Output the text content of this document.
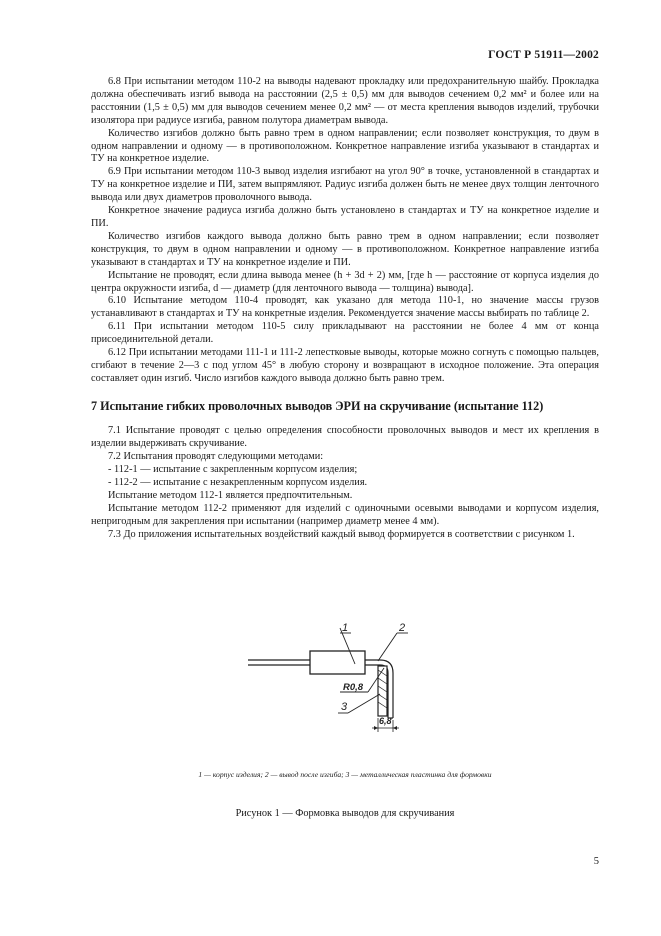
ГОСТ Р 51911—2002

6.8 При испытании методом 110-2 на выводы надевают прокладку или предохранительную шайбу. Прокладка должна обеспечивать изгиб вывода на расстоянии (2,5 ± 0,5) мм для выводов сечением 0,2 мм² и более или на расстоянии (1,5 ± 0,5) мм для выводов сечением менее 0,2 мм² — от места крепления выводов изделий, трубочки изолятора при радиусе изгиба, равном полутора диаметрам вывода.

Количество изгибов должно быть равно трем в одном направлении; если позволяет конструкция, то двум в одном направлении и одному — в противоположном. Конкретное направление изгиба указывают в стандартах и ТУ на конкретное изделие.

6.9 При испытании методом 110-3 вывод изделия изгибают на угол 90° в точке, установленной в стандартах и ТУ на конкретное изделие и ПИ, затем выпрямляют. Радиус изгиба должен быть не менее двух толщин ленточного вывода или двух диаметров проволочного вывода.

Конкретное значение радиуса изгиба должно быть установлено в стандартах и ТУ на конкретное изделие и ПИ.

Количество изгибов каждого вывода должно быть равно трем в одном направлении; если позволяет конструкция, то двум в одном направлении и одному — в противоположном. Конкретное направление изгиба указывают в стандартах и ТУ на конкретное изделие и ПИ.

Испытание не проводят, если длина вывода менее (h + 3d + 2) мм, [где h — расстояние от корпуса изделия до центра окружности изгиба, d — диаметр (для ленточного вывода — толщина) вывода].

6.10 Испытание методом 110-4 проводят, как указано для метода 110-1, но значение массы грузов устанавливают в стандартах и ТУ на конкретные изделия. Рекомендуется значение массы выбирать по таблице 2.

6.11 При испытании методом 110-5 силу прикладывают на расстоянии не более 4 мм от конца присоединительной детали.

6.12 При испытании методами 111-1 и 111-2 лепестковые выводы, которые можно согнуть с помощью пальцев, сгибают в течение 2—3 с под углом 45° в любую сторону и возвращают в исходное положение. Эта операция составляет один изгиб. Число изгибов каждого вывода должно быть равно трем.

7 Испытание гибких проволочных выводов ЭРИ на скручивание (испытание 112)

7.1 Испытание проводят с целью определения способности проволочных выводов и мест их крепления в изделии выдерживать скручивание.

7.2 Испытания проводят следующими методами:

- 112-1 — испытание с закрепленным корпусом изделия;

- 112-2 — испытание с незакрепленным корпусом изделия.

Испытание методом 112-1 является предпочтительным.

Испытание методом 112-2 применяют для изделий с одиночными осевыми выводами и корпусом изделия, непригодным для закрепления при испытании (например диаметр менее 4 мм).

7.3 До приложения испытательных воздействий каждый вывод формируется в соответствии с рисунком 1.

1	2
R0,8
3
6,8
1 — корпус изделия; 2 — вывод после изгиба; 3 — металлическая пластинка для формовки
Рисунок 1 — Формовка выводов для скручивания
5
